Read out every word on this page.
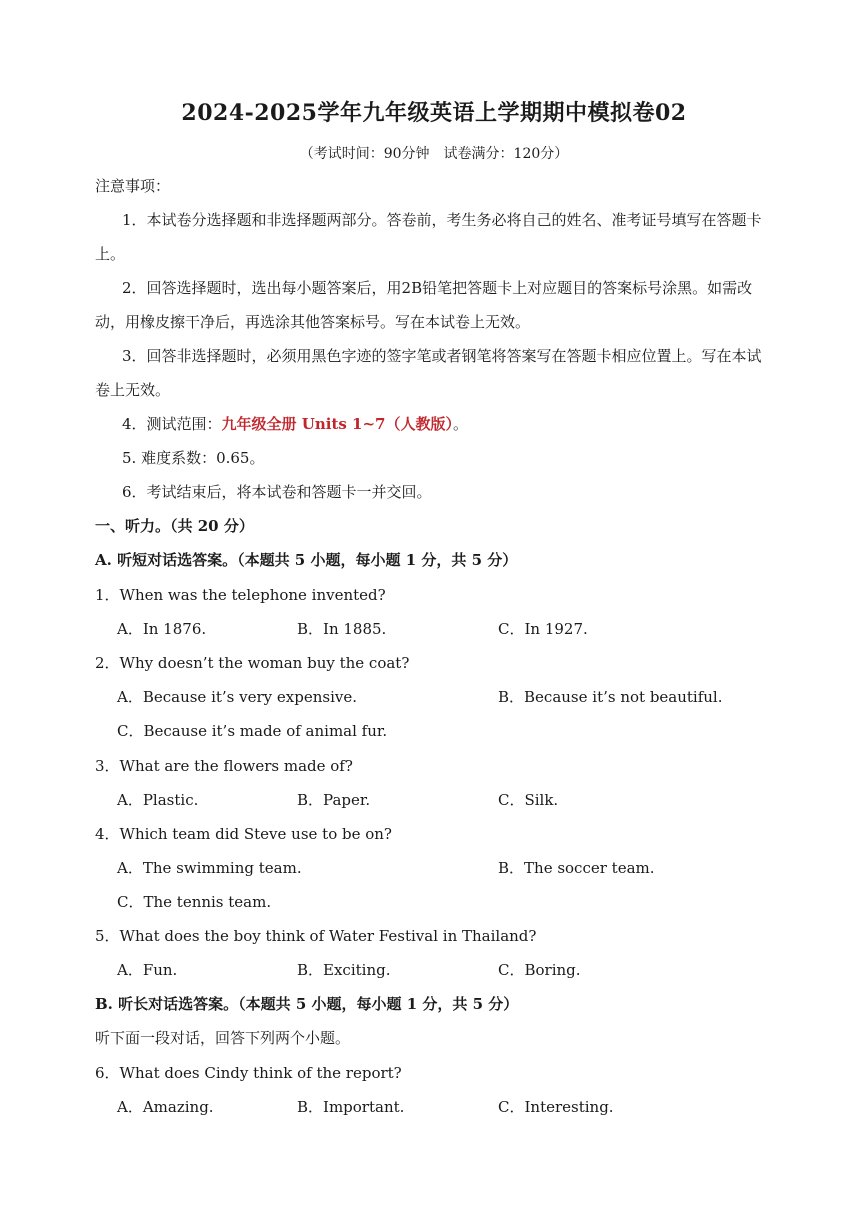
2024-2025学年九年级英语上学期期中模拟卷02
（考试时间：90分钟　试卷满分：120分）
注意事项：
1．本试卷分选择题和非选择题两部分。答卷前，考生务必将自己的姓名、准考证号填写在答题卡
上。
2．回答选择题时，选出每小题答案后，用2B铅笔把答题卡上对应题目的答案标号涂黑。如需改
动，用橡皮擦干净后，再选涂其他答案标号。写在本试卷上无效。
3．回答非选择题时，必须用黑色字迹的签字笔或者钢笔将答案写在答题卡相应位置上。写在本试
卷上无效。
4．测试范围：九年级全册 Units 1~7（人教版）。
5. 难度系数：0.65。
6．考试结束后，将本试卷和答题卡一并交回。
一、听力。（共 20 分）
A. 听短对话选答案。（本题共 5 小题，每小题 1 分，共 5 分）
1．When was the telephone invented?
A．In 1876.	B．In 1885.	C．In 1927.
2．Why doesn’t the woman buy the coat?
A．Because it’s very expensive.	B．Because it’s not beautiful.
C．Because it’s made of animal fur.
3．What are the flowers made of?
A．Plastic.	B．Paper.	C．Silk.
4．Which team did Steve use to be on?
A．The swimming team.	B．The soccer team.
C．The tennis team.
5．What does the boy think of Water Festival in Thailand?
A．Fun.	B．Exciting.	C．Boring.
B. 听长对话选答案。（本题共 5 小题，每小题 1 分，共 5 分）
听下面一段对话，回答下列两个小题。
6．What does Cindy think of the report?
A．Amazing.	B．Important.	C．Interesting.
